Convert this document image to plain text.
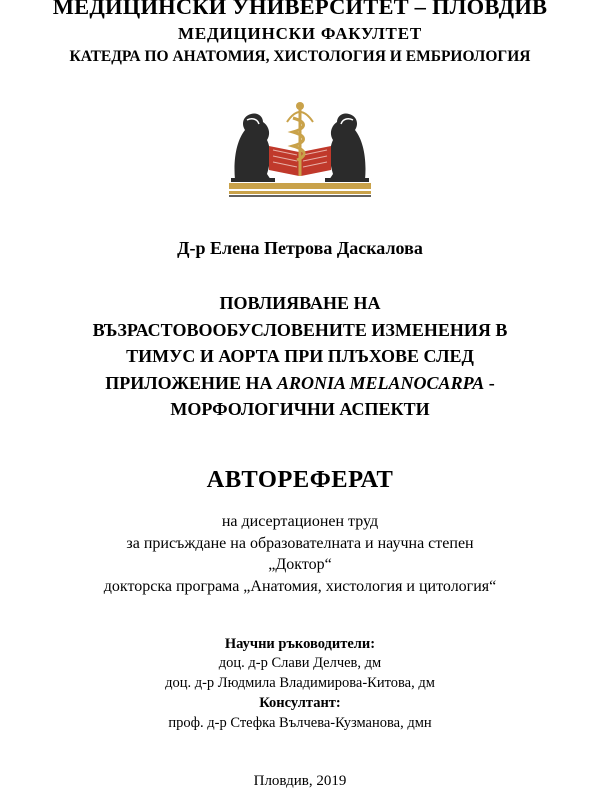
МЕДИЦИНСКИ УНИВЕРСИТЕТ – ПЛОВДИВ
МЕДИЦИНСКИ ФАКУЛТЕТ
КАТЕДРА ПО АНАТОМИЯ, ХИСТОЛОГИЯ И ЕМБРИОЛОГИЯ
Д-р Елена Петрова Даскалова
ПОВЛИЯВАНЕ НА
ВЪЗРАСТОВООБУСЛОВЕНИТЕ ИЗМЕНЕНИЯ В
ТИМУС И АОРТА ПРИ ПЛЪХОВЕ СЛЕД
ПРИЛОЖЕНИЕ НА ARONIA MELANOCARPA -
МОРФОЛОГИЧНИ АСПЕКТИ
АВТОРЕФЕРАТ
на дисертационен труд
за присъждане на образователната и научна степен
„Доктор“
докторска програма „Анатомия, хистология и цитология“
Научни ръководители:
доц. д-р Слави Делчев, дм
доц. д-р Людмила Владимирова-Китова, дм
Консултант:
проф. д-р Стефка Вълчева-Кузманова, дмн
Пловдив, 2019
